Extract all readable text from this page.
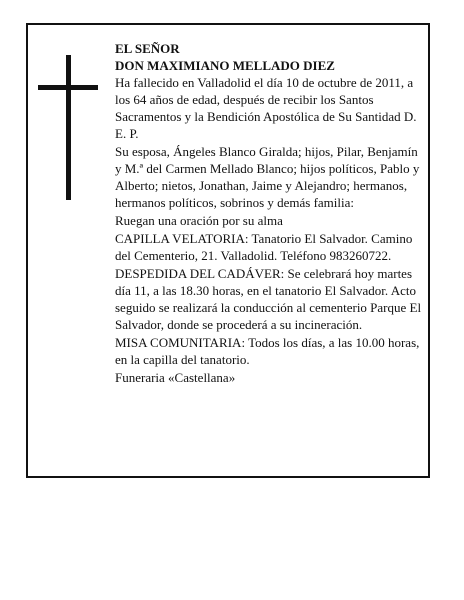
EL SEÑOR

DON MAXIMIANO MELLADO DIEZ

Ha fallecido en Valladolid el día 10 de octubre de 2011, a los 64 años de edad, después de recibir los Santos Sacramentos y la Bendición Apostólica de Su Santidad D. E. P.

Su esposa, Ángeles Blanco Giralda; hijos, Pilar, Benjamín y M.ª del Carmen Mellado Blanco; hijos políticos, Pablo y Alberto; nietos, Jonathan, Jaime y Alejandro; hermanos, hermanos políticos, sobrinos y demás familia:

Ruegan una oración por su alma

CAPILLA VELATORIA: Tanatorio El Salvador. Camino del Cementerio, 21. Valladolid. Teléfono 983260722.

DESPEDIDA DEL CADÁVER: Se celebrará hoy martes día 11, a las 18.30 horas, en el tanatorio El Salvador. Acto seguido se realizará la conducción al cementerio Parque El Salvador, donde se procederá a su incineración.

MISA COMUNITARIA: Todos los días, a las 10.00 horas, en la capilla del tanatorio.

Funeraria «Castellana»
